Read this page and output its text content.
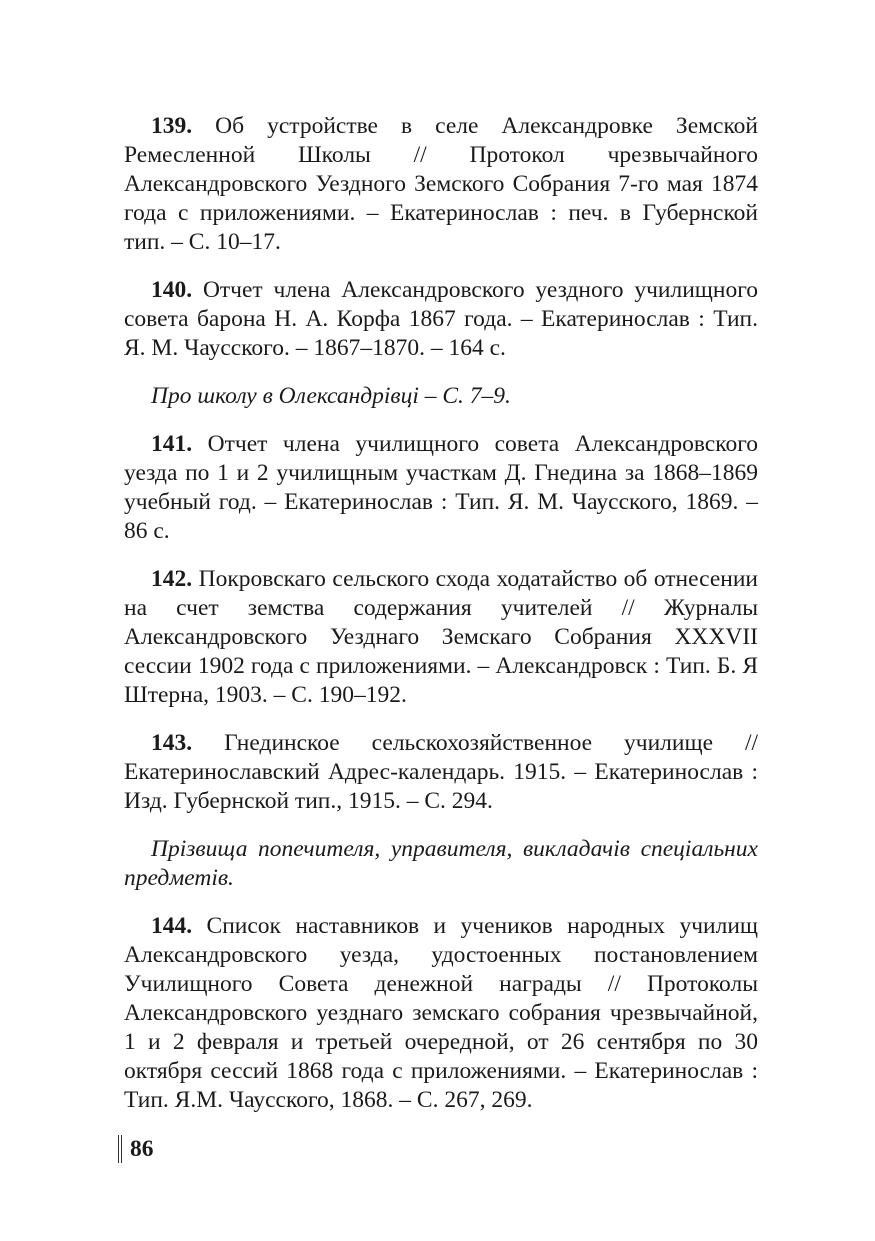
139. Об устройстве в селе Александровке Земской Ремесленной Школы // Протокол чрезвычайного Александровского Уездного Земского Собрания 7-го мая 1874 года с приложениями. – Екатеринослав : печ. в Губернской тип. – С. 10–17.

140. Отчет члена Александровского уездного училищного совета барона Н. А. Корфа 1867 года. – Екатеринослав : Тип. Я. М. Чаусского. – 1867–1870. – 164 с.

Про школу в Олександрівці – С. 7–9.

141. Отчет члена училищного совета Александровского уезда по 1 и 2 училищным участкам Д. Гнедина за 1868–1869 учебный год. – Екатеринослав : Тип. Я. М. Чаусского, 1869. – 86 с.

142. Покровскаго сельского схода ходатайство об отнесении на счет земства содержания учителей // Журналы Александровского Уезднаго Земскаго Собрания XXXVII сессии 1902 года с приложениями. – Александровск : Тип. Б. Я Штерна, 1903. – С. 190–192.

143. Гнединское сельскохозяйственное училище // Екатеринославский Адрес-календарь. 1915. – Екатеринослав : Изд. Губернской тип., 1915. – С. 294.

Прізвища попечителя, управителя, викладачів спеціальних предметів.

144. Список наставников и учеников народных училищ Александровского уезда, удостоенных постановлением Училищного Совета денежной награды // Протоколы Александровского уезднаго земскаго собрания чрезвычайной, 1 и 2 февраля и третьей очередной, от 26 сентября по 30 октября сессий 1868 года с приложениями. – Екатеринослав : Тип. Я.М. Чаусского, 1868. – С. 267, 269.

86
